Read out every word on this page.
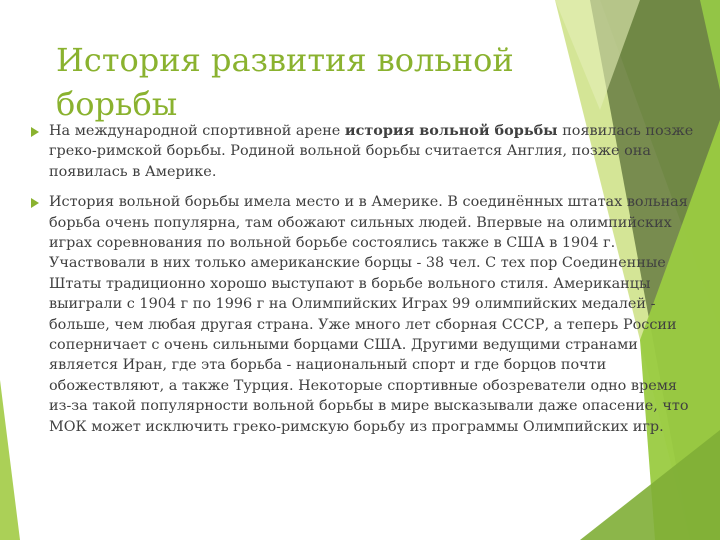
История развития вольной борьбы
На международной спортивной арене история вольной борьбы появилась позже греко-римской борьбы. Родиной вольной борьбы считается Англия, позже она появилась в Америке.
История вольной борьбы имела место и в Америке. В соединённых штатах вольная борьба очень популярна, там обожают сильных людей. Впервые на олимпийских играх соревнования по вольной борьбе состоялись также в США в 1904 г. Участвовали в них только американские борцы - 38 чел. С тех пор Соединенные Штаты традиционно хорошо выступают в борьбе вольного стиля. Американцы выиграли с 1904 г по 1996 г на Олимпийских Играх 99 олимпийских медалей - больше, чем любая другая страна. Уже много лет сборная СССР, а теперь России соперничает с очень сильными борцами США. Другими ведущими странами является Иран, где эта борьба - национальный спорт и где борцов почти обожествляют, а также Турция. Некоторые спортивные обозреватели одно время из-за такой популярности вольной борьбы в мире высказывали даже опасение, что МОК может исключить греко-римскую борьбу из программы Олимпийских игр.
